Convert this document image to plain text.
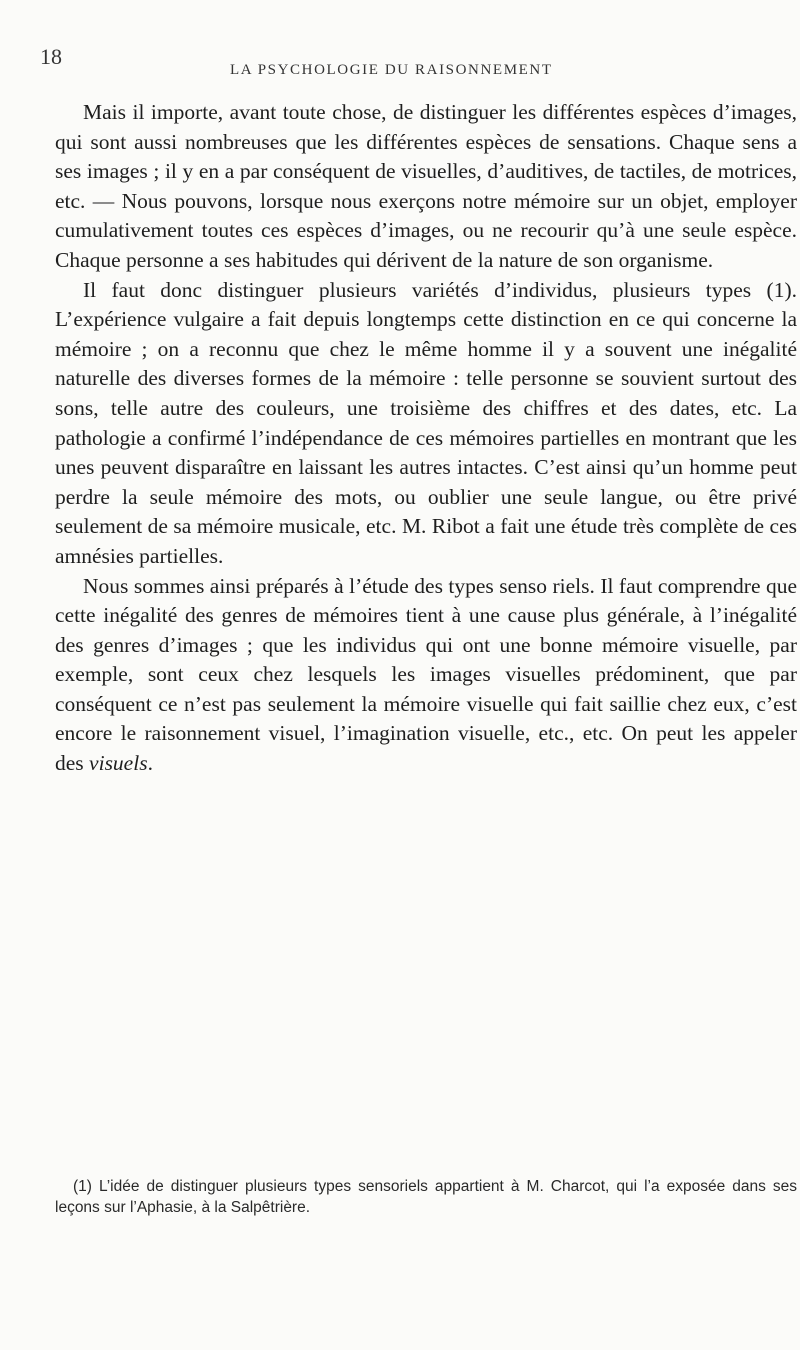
18
LA PSYCHOLOGIE DU RAISONNEMENT

Mais il importe, avant toute chose, de distinguer les différentes espèces d’images, qui sont aussi nombreuses que les différentes espèces de sensations. Chaque sens a ses images ; il y en a par conséquent de visuelles, d’auditives, de tactiles, de motrices, etc. — Nous pouvons, lorsque nous exerçons notre mémoire sur un objet, employer cumulativement toutes ces espèces d’images, ou ne recourir qu’à une seule espèce. Chaque personne a ses habitudes qui dérivent de la nature de son organisme.

Il faut donc distinguer plusieurs variétés d’individus, plusieurs types (1). L’expérience vulgaire a fait depuis longtemps cette distinction en ce qui concerne la mémoire ; on a reconnu que chez le même homme il y a souvent une inégalité naturelle des diverses formes de la mémoire : telle personne se souvient surtout des sons, telle autre des couleurs, une troisième des chiffres et des dates, etc. La pathologie a confirmé l’indépendance de ces mémoires partielles en montrant que les unes peuvent disparaître en laissant les autres intactes. C’est ainsi qu’un homme peut perdre la seule mémoire des mots, ou oublier une seule langue, ou être privé seulement de sa mémoire musicale, etc. M. Ribot a fait une étude très complète de ces amnésies partielles.

Nous sommes ainsi préparés à l’étude des types senso riels. Il faut comprendre que cette inégalité des genres de mémoires tient à une cause plus générale, à l’inégalité des genres d’images ; que les individus qui ont une bonne mémoire visuelle, par exemple, sont ceux chez lesquels les images visuelles prédominent, que par conséquent ce n’est pas seulement la mémoire visuelle qui fait saillie chez eux, c’est encore le raisonnement visuel, l’imagination visuelle, etc., etc. On peut les appeler des visuels.

(1) L’idée de distinguer plusieurs types sensoriels appartient à M. Charcot, qui l’a exposée dans ses leçons sur l’Aphasie, à la Salpêtrière.
